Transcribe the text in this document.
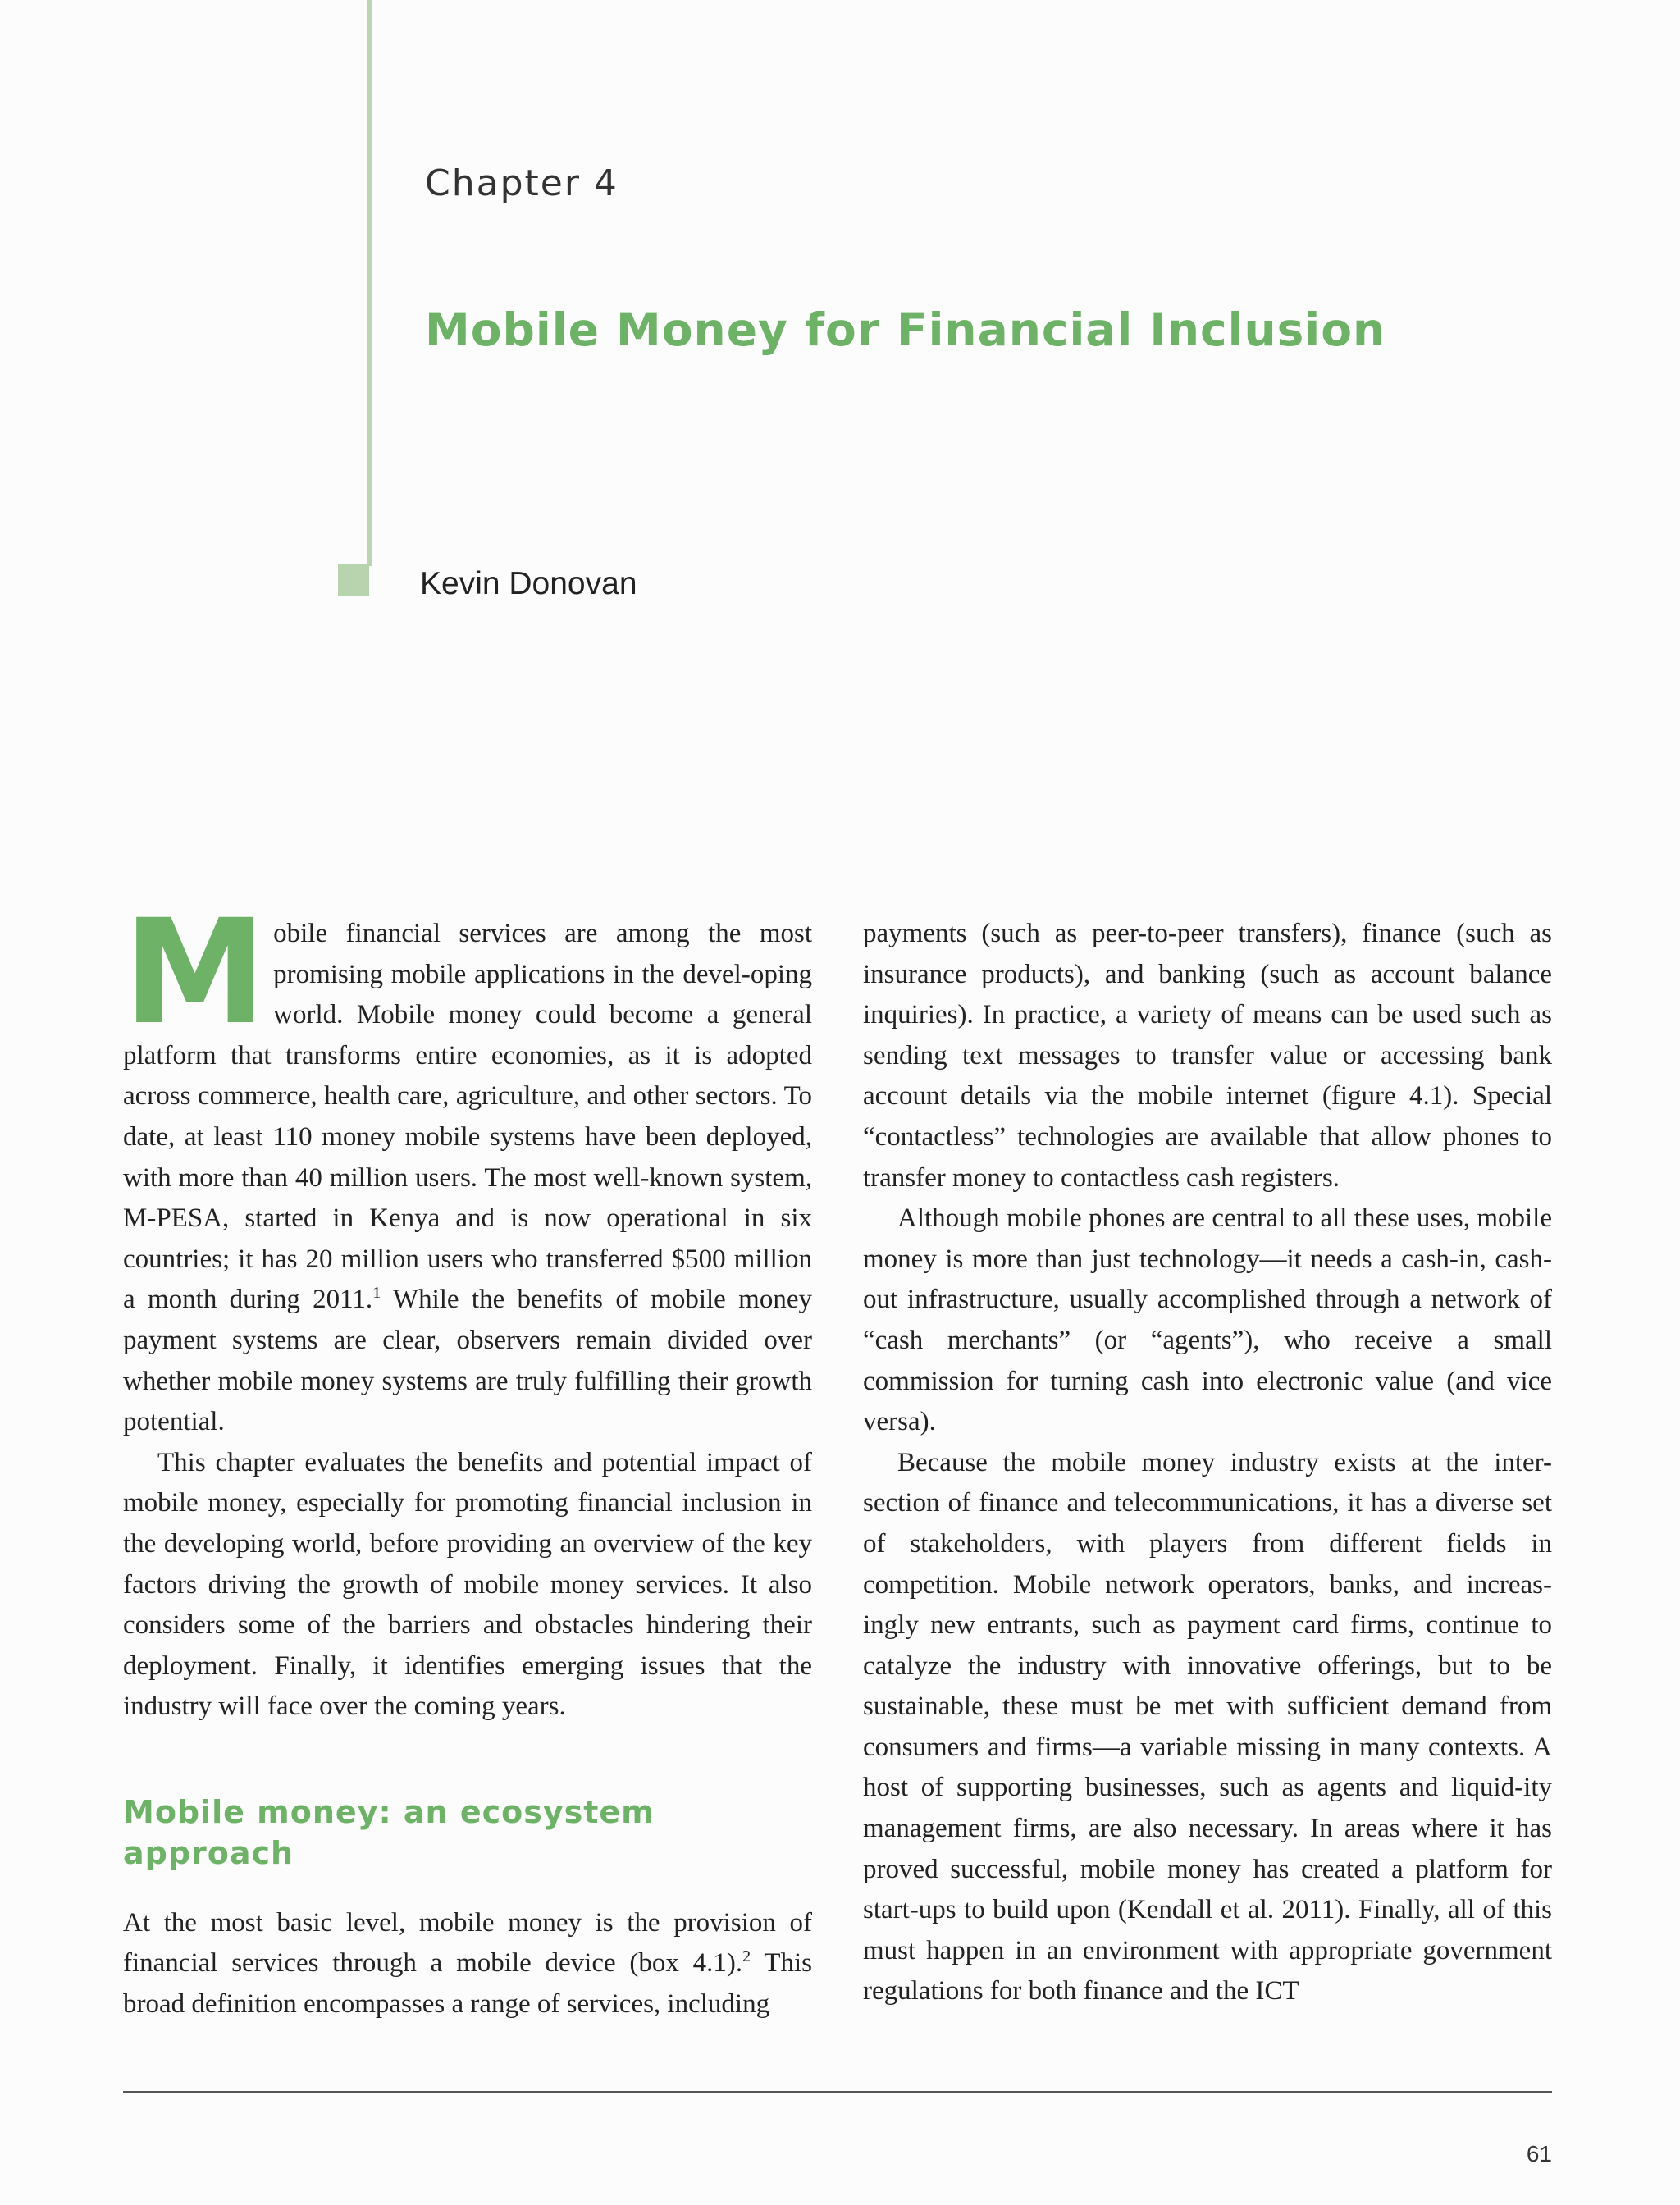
Chapter 4
Mobile Money for Financial Inclusion
Kevin Donovan

Mobile financial services are among the most promising mobile applications in the devel-oping world. Mobile money could become a general platform that transforms entire economies, as it is adopted across commerce, health care, agriculture, and other sectors. To date, at least 110 money mobile systems have been deployed, with more than 40 million users. The most well-known system, M-PESA, started in Kenya and is now operational in six countries; it has 20 million users who transferred $500 million a month during 2011.$^1$ While the benefits of mobile money payment systems are clear, observers remain divided over whether mobile money systems are truly fulfilling their growth potential.

This chapter evaluates the benefits and potential impact of mobile money, especially for promoting financial inclusion in the developing world, before providing an overview of the key factors driving the growth of mobile money services. It also considers some of the barriers and obstacles hindering their deployment. Finally, it identifies emerging issues that the industry will face over the coming years.

Mobile money: an ecosystem approach

At the most basic level, mobile money is the provision of financial services through a mobile device (box 4.1).$^2$ This broad definition encompasses a range of services, including

payments (such as peer-to-peer transfers), finance (such as insurance products), and banking (such as account balance inquiries). In practice, a variety of means can be used such as sending text messages to transfer value or accessing bank account details via the mobile internet (figure 4.1). Special “contactless” technologies are available that allow phones to transfer money to contactless cash registers.

Although mobile phones are central to all these uses, mobile money is more than just technology—it needs a cash-in, cash-out infrastructure, usually accomplished through a network of “cash merchants” (or “agents”), who receive a small commission for turning cash into electronic value (and vice versa).

Because the mobile money industry exists at the inter-section of finance and telecommunications, it has a diverse set of stakeholders, with players from different fields in competition. Mobile network operators, banks, and increas-ingly new entrants, such as payment card firms, continue to catalyze the industry with innovative offerings, but to be sustainable, these must be met with sufficient demand from consumers and firms—a variable missing in many contexts. A host of supporting businesses, such as agents and liquid-ity management firms, are also necessary. In areas where it has proved successful, mobile money has created a platform for start-ups to build upon (Kendall et al. 2011). Finally, all of this must happen in an environment with appropriate government regulations for both finance and the ICT

61
